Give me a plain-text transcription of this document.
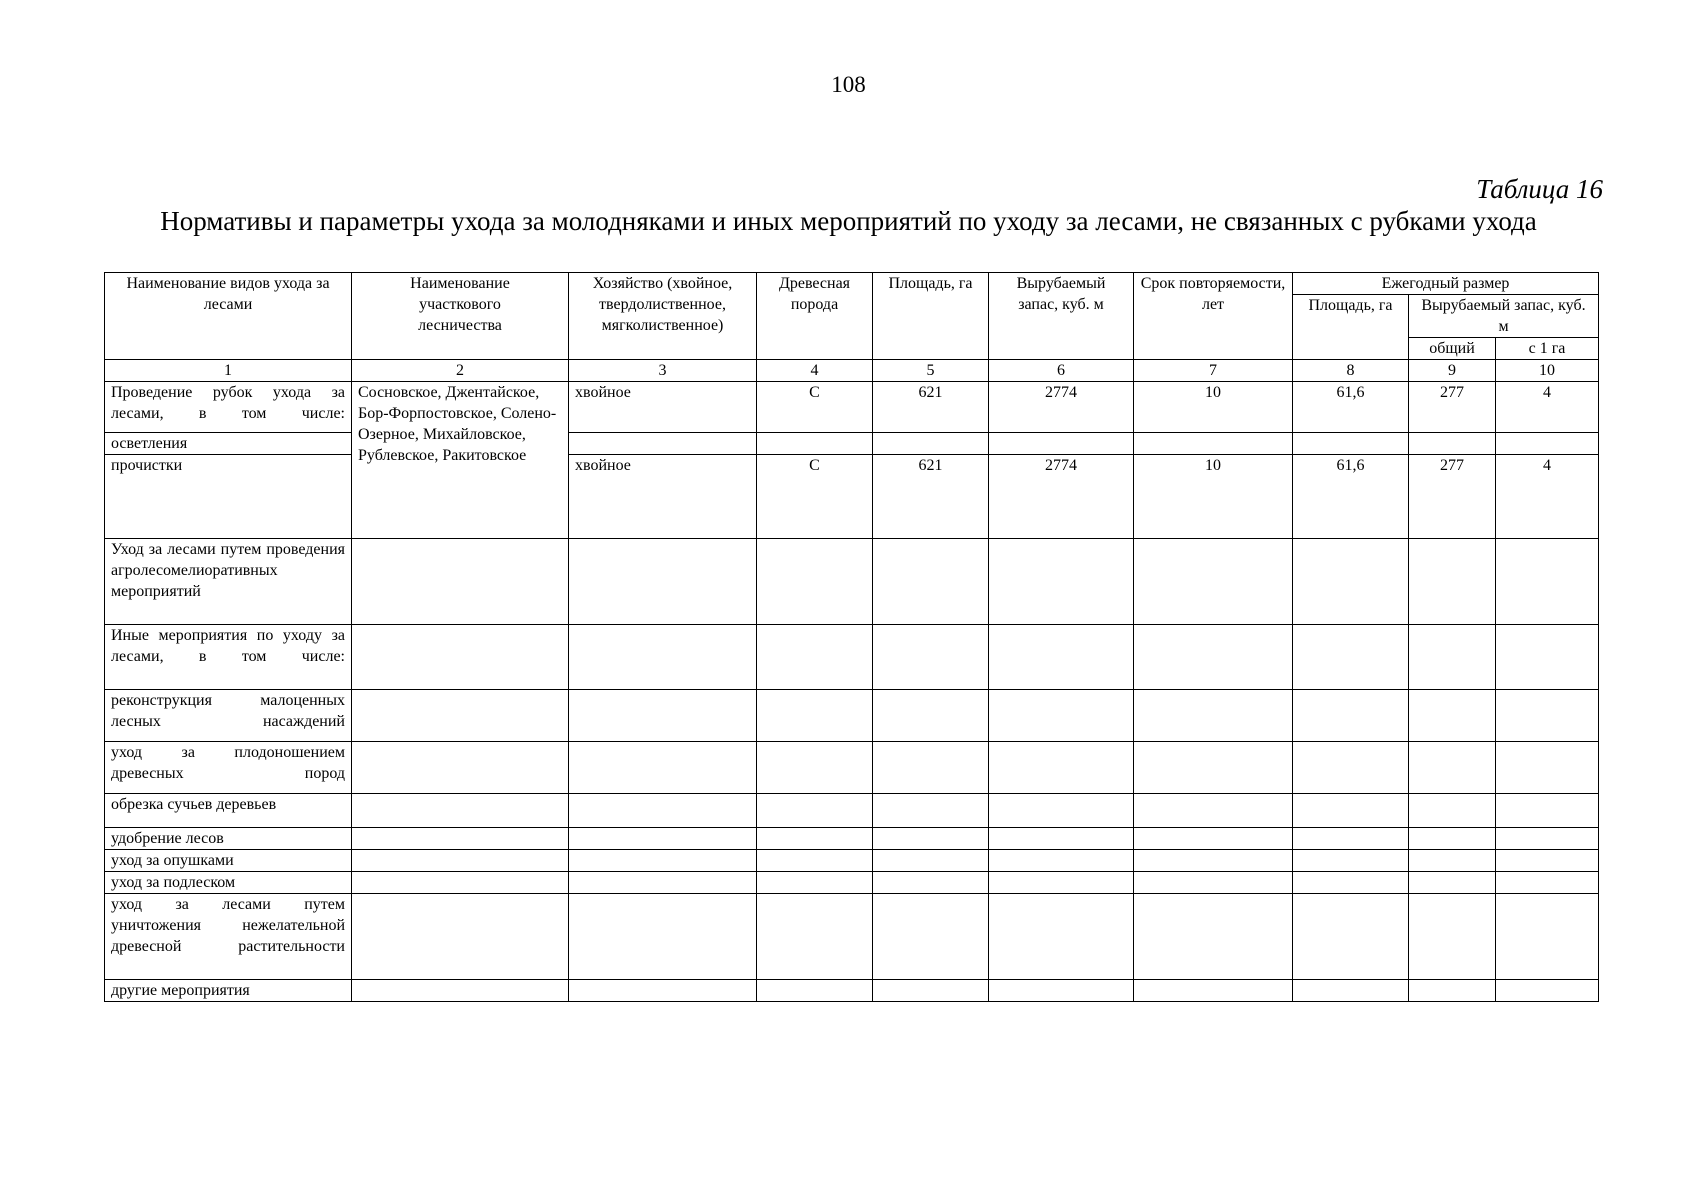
108
Таблица 16
Нормативы и параметры ухода за молодняками и иных мероприятий по уходу за лесами, не связанных с рубками ухода
Наименование видов ухода за лесами	Наименование участкового лесничества	Хозяйство (хвойное, твердолиственное, мягколиственное)	Древесная порода	Площадь, га	Вырубаемый запас, куб. м	Срок повторяемости, лет	Ежегодный размер		
							Площадь, га	Вырубаемый запас, куб. м	
								общий	с 1 га
1	2	3	4	5	6	7	8	9	10
Проведение рубок ухода за лесами, в том числе:	Сосновское, Джентайское, Бор-Форпостовское, Солено-Озерное, Михайловское, Рублевское, Ракитовское	хвойное	С	621	2774	10	61,6	277	4
осветления									
прочистки		хвойное	С	621	2774	10	61,6	277	4
Уход за лесами путем проведения агролесомелиоративных мероприятий									
Иные мероприятия по уходу за лесами, в том числе:									
реконструкция малоценных лесных насаждений									
уход за плодоношением древесных пород									
обрезка сучьев деревьев									
удобрение лесов									
уход за опушками									
уход за подлеском									
уход за лесами путем уничтожения нежелательной древесной растительности									
другие мероприятия									
